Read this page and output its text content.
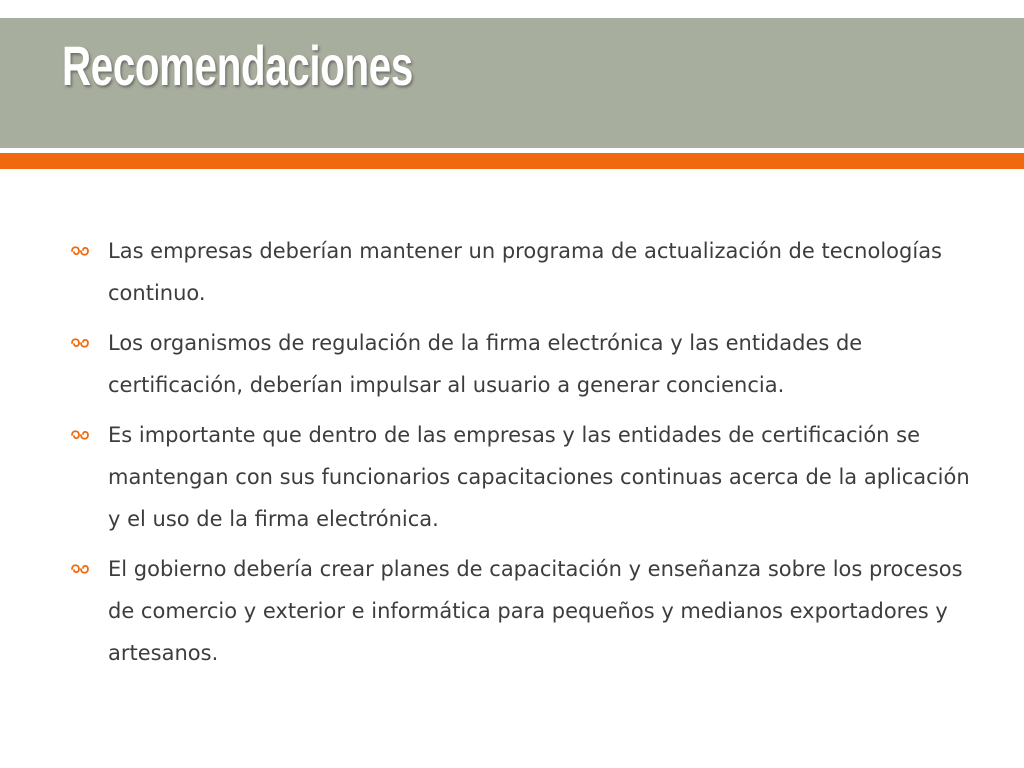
Recomendaciones
Las empresas deberían mantener un programa de actualización de tecnologías continuo.
Los organismos de regulación de la firma electrónica y las entidades de certificación, deberían impulsar al usuario a generar conciencia.
Es importante que dentro de las empresas y las entidades de certificación se mantengan con sus funcionarios capacitaciones continuas acerca de la aplicación y el uso de la firma electrónica.
El gobierno debería crear planes de capacitación y enseñanza sobre los procesos de comercio y exterior e informática para pequeños y medianos exportadores y artesanos.
